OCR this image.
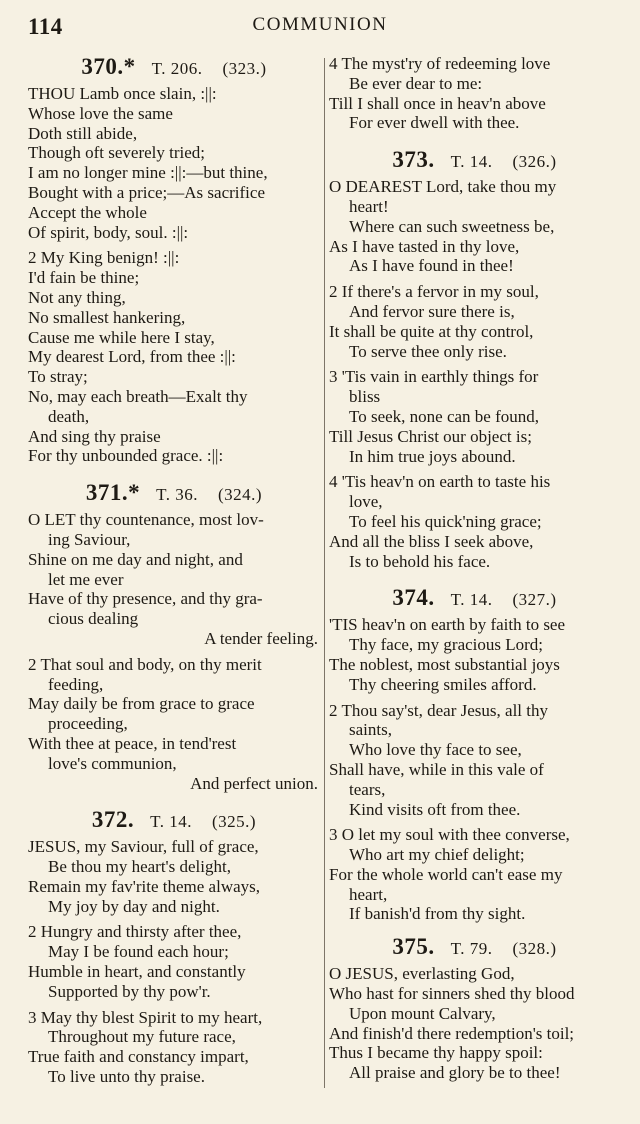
114	COMMUNION
370.* T. 206. (323.)
THOU Lamb once slain, :||:
Whose love the same
Doth still abide,
Though oft severely tried;
I am no longer mine :||:—but thine,
Bought with a price;—As sacrifice
Accept the whole
Of spirit, body, soul. :||:
2 My King benign! :||:
I'd fain be thine;
Not any thing,
No smallest hankering,
Cause me while here I stay,
My dearest Lord, from thee :||:
To stray;
No, may each breath—Exalt thy
death,
And sing thy praise
For thy unbounded grace. :||:
371.* T. 36. (324.)
O LET thy countenance, most lov-
ing Saviour,
Shine on me day and night, and
let me ever
Have of thy presence, and thy gra-
cious dealing
A tender feeling.
2 That soul and body, on thy merit
feeding,
May daily be from grace to grace
proceeding,
With thee at peace, in tend'rest
love's communion,
And perfect union.
372. T. 14. (325.)
JESUS, my Saviour, full of grace,
Be thou my heart's delight,
Remain my fav'rite theme always,
My joy by day and night.
2 Hungry and thirsty after thee,
May I be found each hour;
Humble in heart, and constantly
Supported by thy pow'r.
3 May thy blest Spirit to my heart,
Throughout my future race,
True faith and constancy impart,
To live unto thy praise.
4 The myst'ry of redeeming love
Be ever dear to me:
Till I shall once in heav'n above
For ever dwell with thee.
373. T. 14. (326.)
O DEAREST Lord, take thou my
heart!
Where can such sweetness be,
As I have tasted in thy love,
As I have found in thee!
2 If there's a fervor in my soul,
And fervor sure there is,
It shall be quite at thy control,
To serve thee only rise.
3 'Tis vain in earthly things for
bliss
To seek, none can be found,
Till Jesus Christ our object is;
In him true joys abound.
4 'Tis heav'n on earth to taste his
love,
To feel his quick'ning grace;
And all the bliss I seek above,
Is to behold his face.
374. T. 14. (327.)
'TIS heav'n on earth by faith to see
Thy face, my gracious Lord;
The noblest, most substantial joys
Thy cheering smiles afford.
2 Thou say'st, dear Jesus, all thy
saints,
Who love thy face to see,
Shall have, while in this vale of
tears,
Kind visits oft from thee.
3 O let my soul with thee converse,
Who art my chief delight;
For the whole world can't ease my
heart,
If banish'd from thy sight.
375. T. 79. (328.)
O JESUS, everlasting God,
Who hast for sinners shed thy blood
Upon mount Calvary,
And finish'd there redemption's toil;
Thus I became thy happy spoil:
All praise and glory be to thee!
